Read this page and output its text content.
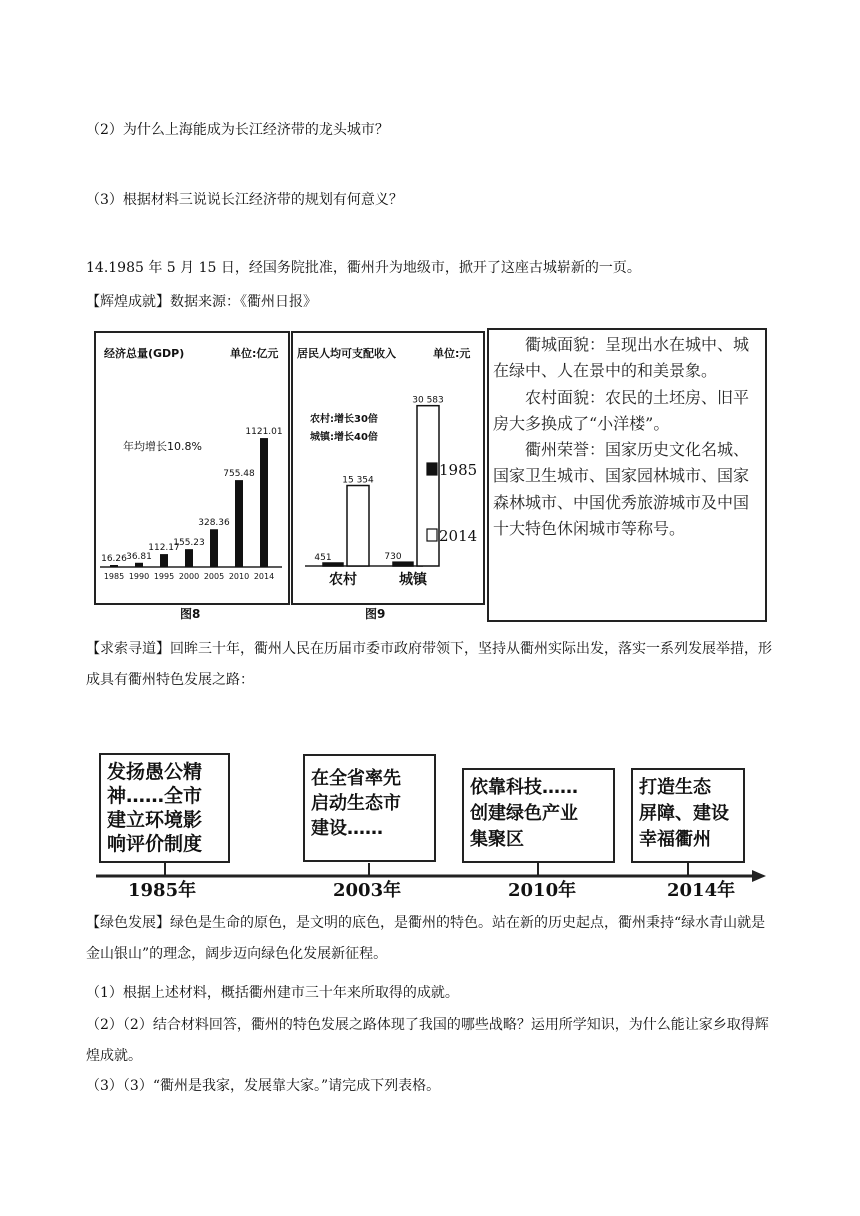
（2）为什么上海能成为长江经济带的龙头城市？
（3）根据材料三说说长江经济带的规划有何意义？
14.1985 年 5 月 15 日，经国务院批准，衢州升为地级市，掀开了这座古城崭新的一页。
【辉煌成就】数据来源：《衢州日报》
经济总量(GDP)	单位:亿元
年均增长10.8%
16.26
1985
36.81
1990
112.17
1995
155.23
2000
328.36
2005
755.48
2010
1121.01
2014
图8
居民人均可支配收入	单位:元
农村:增长30倍
城镇:增长40倍
451
15 354
农村
730
30 583
城镇
1985
2014
图9

衢城面貌：呈现出水在城中、城在绿中、人在景中的和美景象。

农村面貌：农民的土坯房、旧平房大多换成了“小洋楼”。

衢州荣誉：国家历史文化名城、国家卫生城市、国家园林城市、国家森林城市、中国优秀旅游城市及中国十大特色休闲城市等称号。

【求索寻道】回眸三十年，衢州人民在历届市委市政府带领下，坚持从衢州实际出发，落实一系列发展举措，形成具有衢州特色发展之路：
发扬愚公精
神……全市
建立环境影
响评价制度
在全省率先
启动生态市
建设……
依靠科技……
创建绿色产业
集聚区
打造生态
屏障、建设
幸福衢州
1985年	2003年	2010年	2014年
【绿色发展】绿色是生命的原色，是文明的底色，是衢州的特色。站在新的历史起点，衢州秉持“绿水青山就是金山银山”的理念，阔步迈向绿色化发展新征程。
（1）根据上述材料，概括衢州建市三十年来所取得的成就。
（2）（2）结合材料回答，衢州的特色发展之路体现了我国的哪些战略？运用所学知识，为什么能让家乡取得辉煌成就。
（3）（3）“衢州是我家，发展靠大家。”请完成下列表格。
